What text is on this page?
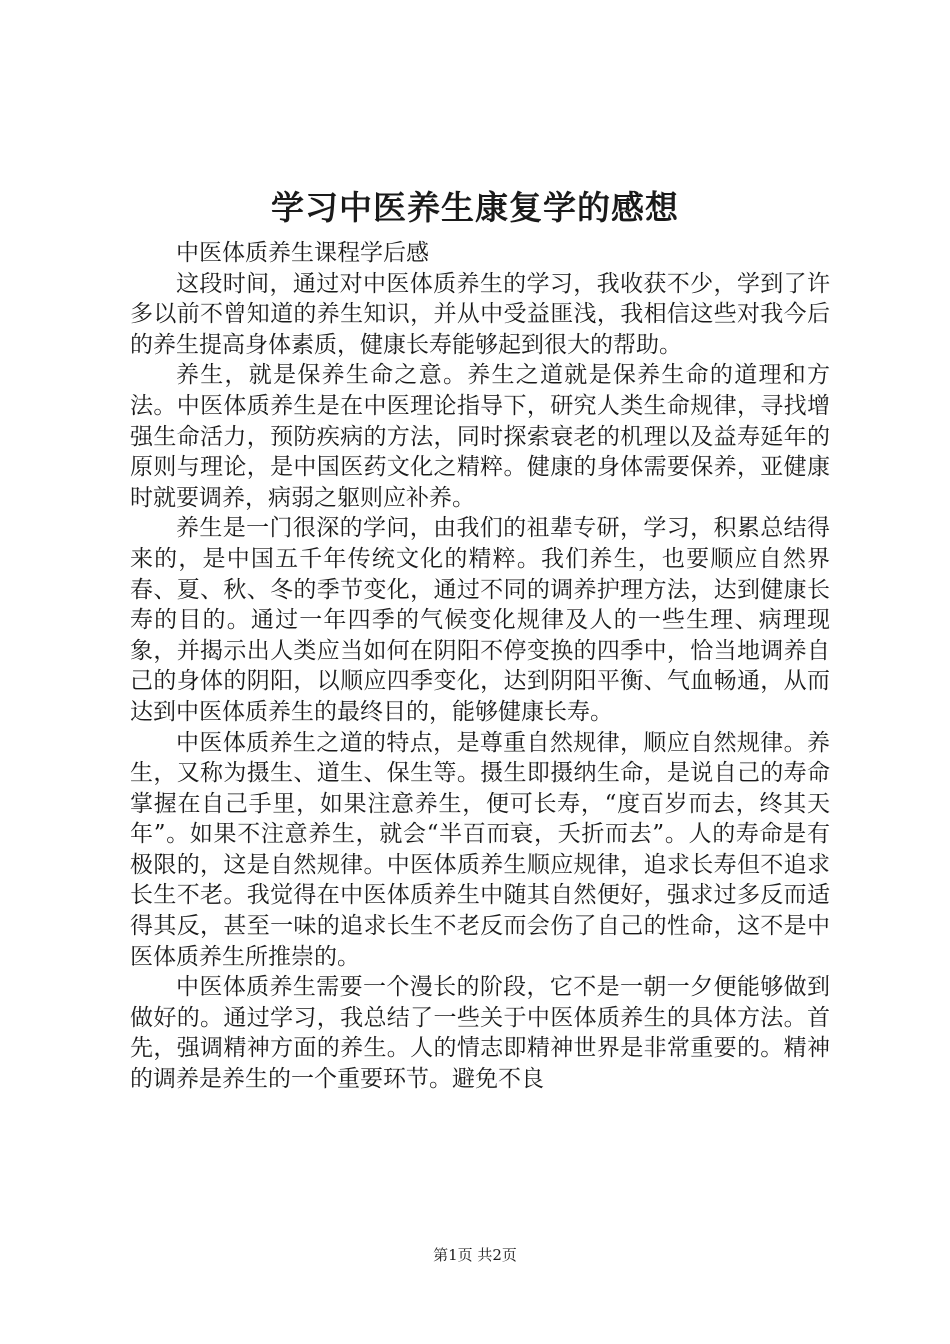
学习中医养生康复学的感想

中医体质养生课程学后感

这段时间，通过对中医体质养生的学习，我收获不少，学到了许多以前不曾知道的养生知识，并从中受益匪浅，我相信这些对我今后的养生提高身体素质，健康长寿能够起到很大的帮助。

养生，就是保养生命之意。养生之道就是保养生命的道理和方法。中医体质养生是在中医理论指导下，研究人类生命规律，寻找增强生命活力，预防疾病的方法，同时探索衰老的机理以及益寿延年的原则与理论，是中国医药文化之精粹。健康的身体需要保养，亚健康时就要调养，病弱之躯则应补养。

养生是一门很深的学问，由我们的祖辈专研，学习，积累总结得来的，是中国五千年传统文化的精粹。我们养生，也要顺应自然界春、夏、秋、冬的季节变化，通过不同的调养护理方法，达到健康长寿的目的。通过一年四季的气候变化规律及人的一些生理、病理现象，并揭示出人类应当如何在阴阳不停变换的四季中，恰当地调养自己的身体的阴阳，以顺应四季变化，达到阴阳平衡、气血畅通，从而达到中医体质养生的最终目的，能够健康长寿。

中医体质养生之道的特点，是尊重自然规律，顺应自然规律。养生，又称为摄生、道生、保生等。摄生即摄纳生命，是说自己的寿命掌握在自己手里，如果注意养生，便可长寿，“度百岁而去，终其天年”。如果不注意养生，就会“半百而衰，夭折而去”。人的寿命是有极限的，这是自然规律。中医体质养生顺应规律，追求长寿但不追求长生不老。我觉得在中医体质养生中随其自然便好，强求过多反而适得其反，甚至一味的追求长生不老反而会伤了自己的性命，这不是中医体质养生所推崇的。

中医体质养生需要一个漫长的阶段，它不是一朝一夕便能够做到做好的。通过学习，我总结了一些关于中医体质养生的具体方法。首先，强调精神方面的养生。人的情志即精神世界是非常重要的。精神的调养是养生的一个重要环节。避免不良

第1页 共2页
